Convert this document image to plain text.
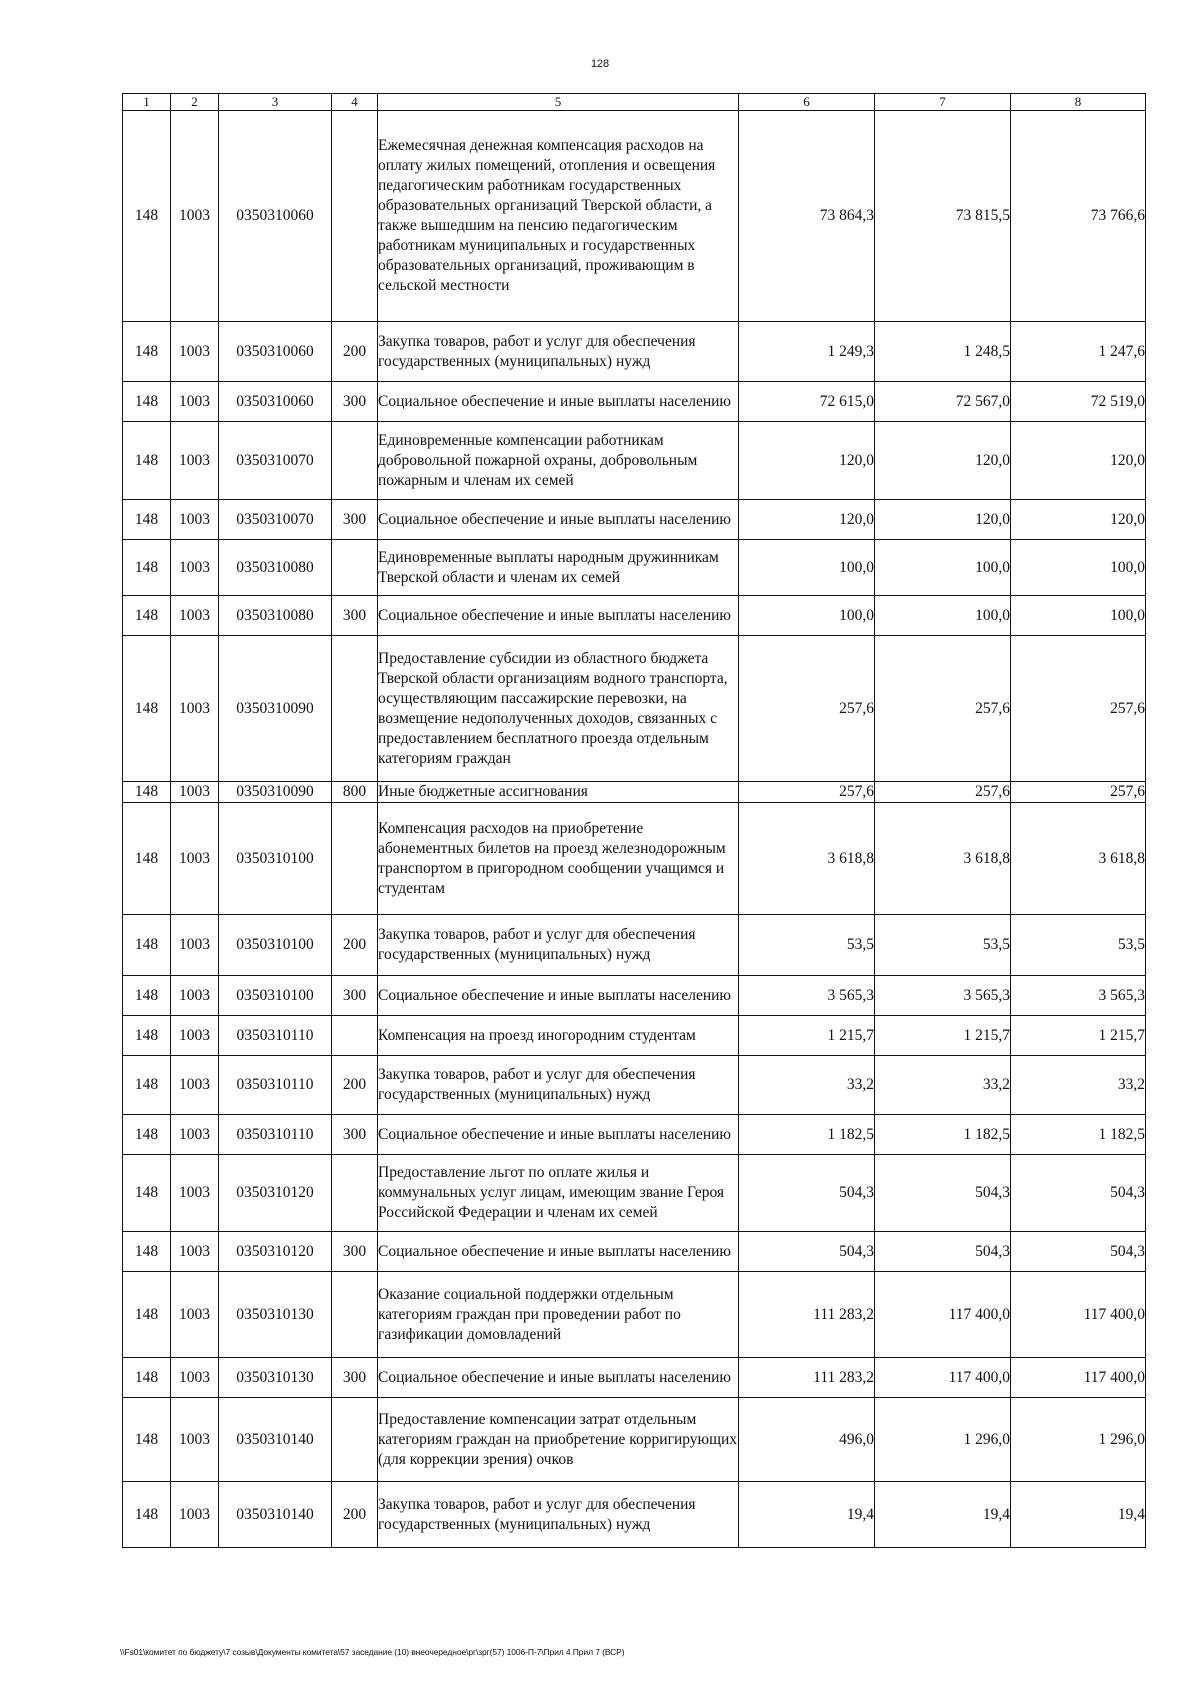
128
1	2	3	4	5	6	7	8
148	1003	0350310060		Ежемесячная денежная компенсация расходов на оплату жилых помещений, отопления и освещения педагогическим работникам государственных образовательных организаций Тверской области, а также вышедшим на пенсию педагогическим работникам муниципальных и государственных образовательных организаций, проживающим в сельской местности	73 864,3	73 815,5	73 766,6
148	1003	0350310060	200	Закупка товаров, работ и услуг для обеспечения государственных (муниципальных) нужд	1 249,3	1 248,5	1 247,6
148	1003	0350310060	300	Социальное обеспечение и иные выплаты населению	72 615,0	72 567,0	72 519,0
148	1003	0350310070		Единовременные компенсации работникам добровольной пожарной охраны, добровольным пожарным и членам их семей	120,0	120,0	120,0
148	1003	0350310070	300	Социальное обеспечение и иные выплаты населению	120,0	120,0	120,0
148	1003	0350310080		Единовременные выплаты народным дружинникам Тверской области и членам их семей	100,0	100,0	100,0
148	1003	0350310080	300	Социальное обеспечение и иные выплаты населению	100,0	100,0	100,0
148	1003	0350310090		Предоставление субсидии из областного бюджета Тверской области организациям водного транспорта, осуществляющим пассажирские перевозки, на возмещение недополученных доходов, связанных с предоставлением бесплатного проезда отдельным категориям граждан	257,6	257,6	257,6
148	1003	0350310090	800	Иные бюджетные ассигнования	257,6	257,6	257,6
148	1003	0350310100		Компенсация расходов на приобретение абонементных билетов на проезд железнодорожным транспортом в пригородном сообщении учащимся и студентам	3 618,8	3 618,8	3 618,8
148	1003	0350310100	200	Закупка товаров, работ и услуг для обеспечения государственных (муниципальных) нужд	53,5	53,5	53,5
148	1003	0350310100	300	Социальное обеспечение и иные выплаты населению	3 565,3	3 565,3	3 565,3
148	1003	0350310110		Компенсация на проезд иногородним студентам	1 215,7	1 215,7	1 215,7
148	1003	0350310110	200	Закупка товаров, работ и услуг для обеспечения государственных (муниципальных) нужд	33,2	33,2	33,2
148	1003	0350310110	300	Социальное обеспечение и иные выплаты населению	1 182,5	1 182,5	1 182,5
148	1003	0350310120		Предоставление льгот по оплате жилья и коммунальных услуг лицам, имеющим звание Героя Российской Федерации и членам их семей	504,3	504,3	504,3
148	1003	0350310120	300	Социальное обеспечение и иные выплаты населению	504,3	504,3	504,3
148	1003	0350310130		Оказание социальной поддержки отдельным категориям граждан при проведении работ по газификации домовладений	111 283,2	117 400,0	117 400,0
148	1003	0350310130	300	Социальное обеспечение и иные выплаты населению	111 283,2	117 400,0	117 400,0
148	1003	0350310140		Предоставление компенсации затрат отдельным категориям граждан на приобретение корригирующих (для коррекции зрения) очков	496,0	1 296,0	1 296,0
148	1003	0350310140	200	Закупка товаров, работ и услуг для обеспечения государственных (муниципальных) нужд	19,4	19,4	19,4
\\Fs01\комитет по бюджету\7 созыв\Документы комитета\57 заседание (10) внеочередное\рг\зрг(57) 1006-П-7\Прил 4 Прил 7 (ВСР)
